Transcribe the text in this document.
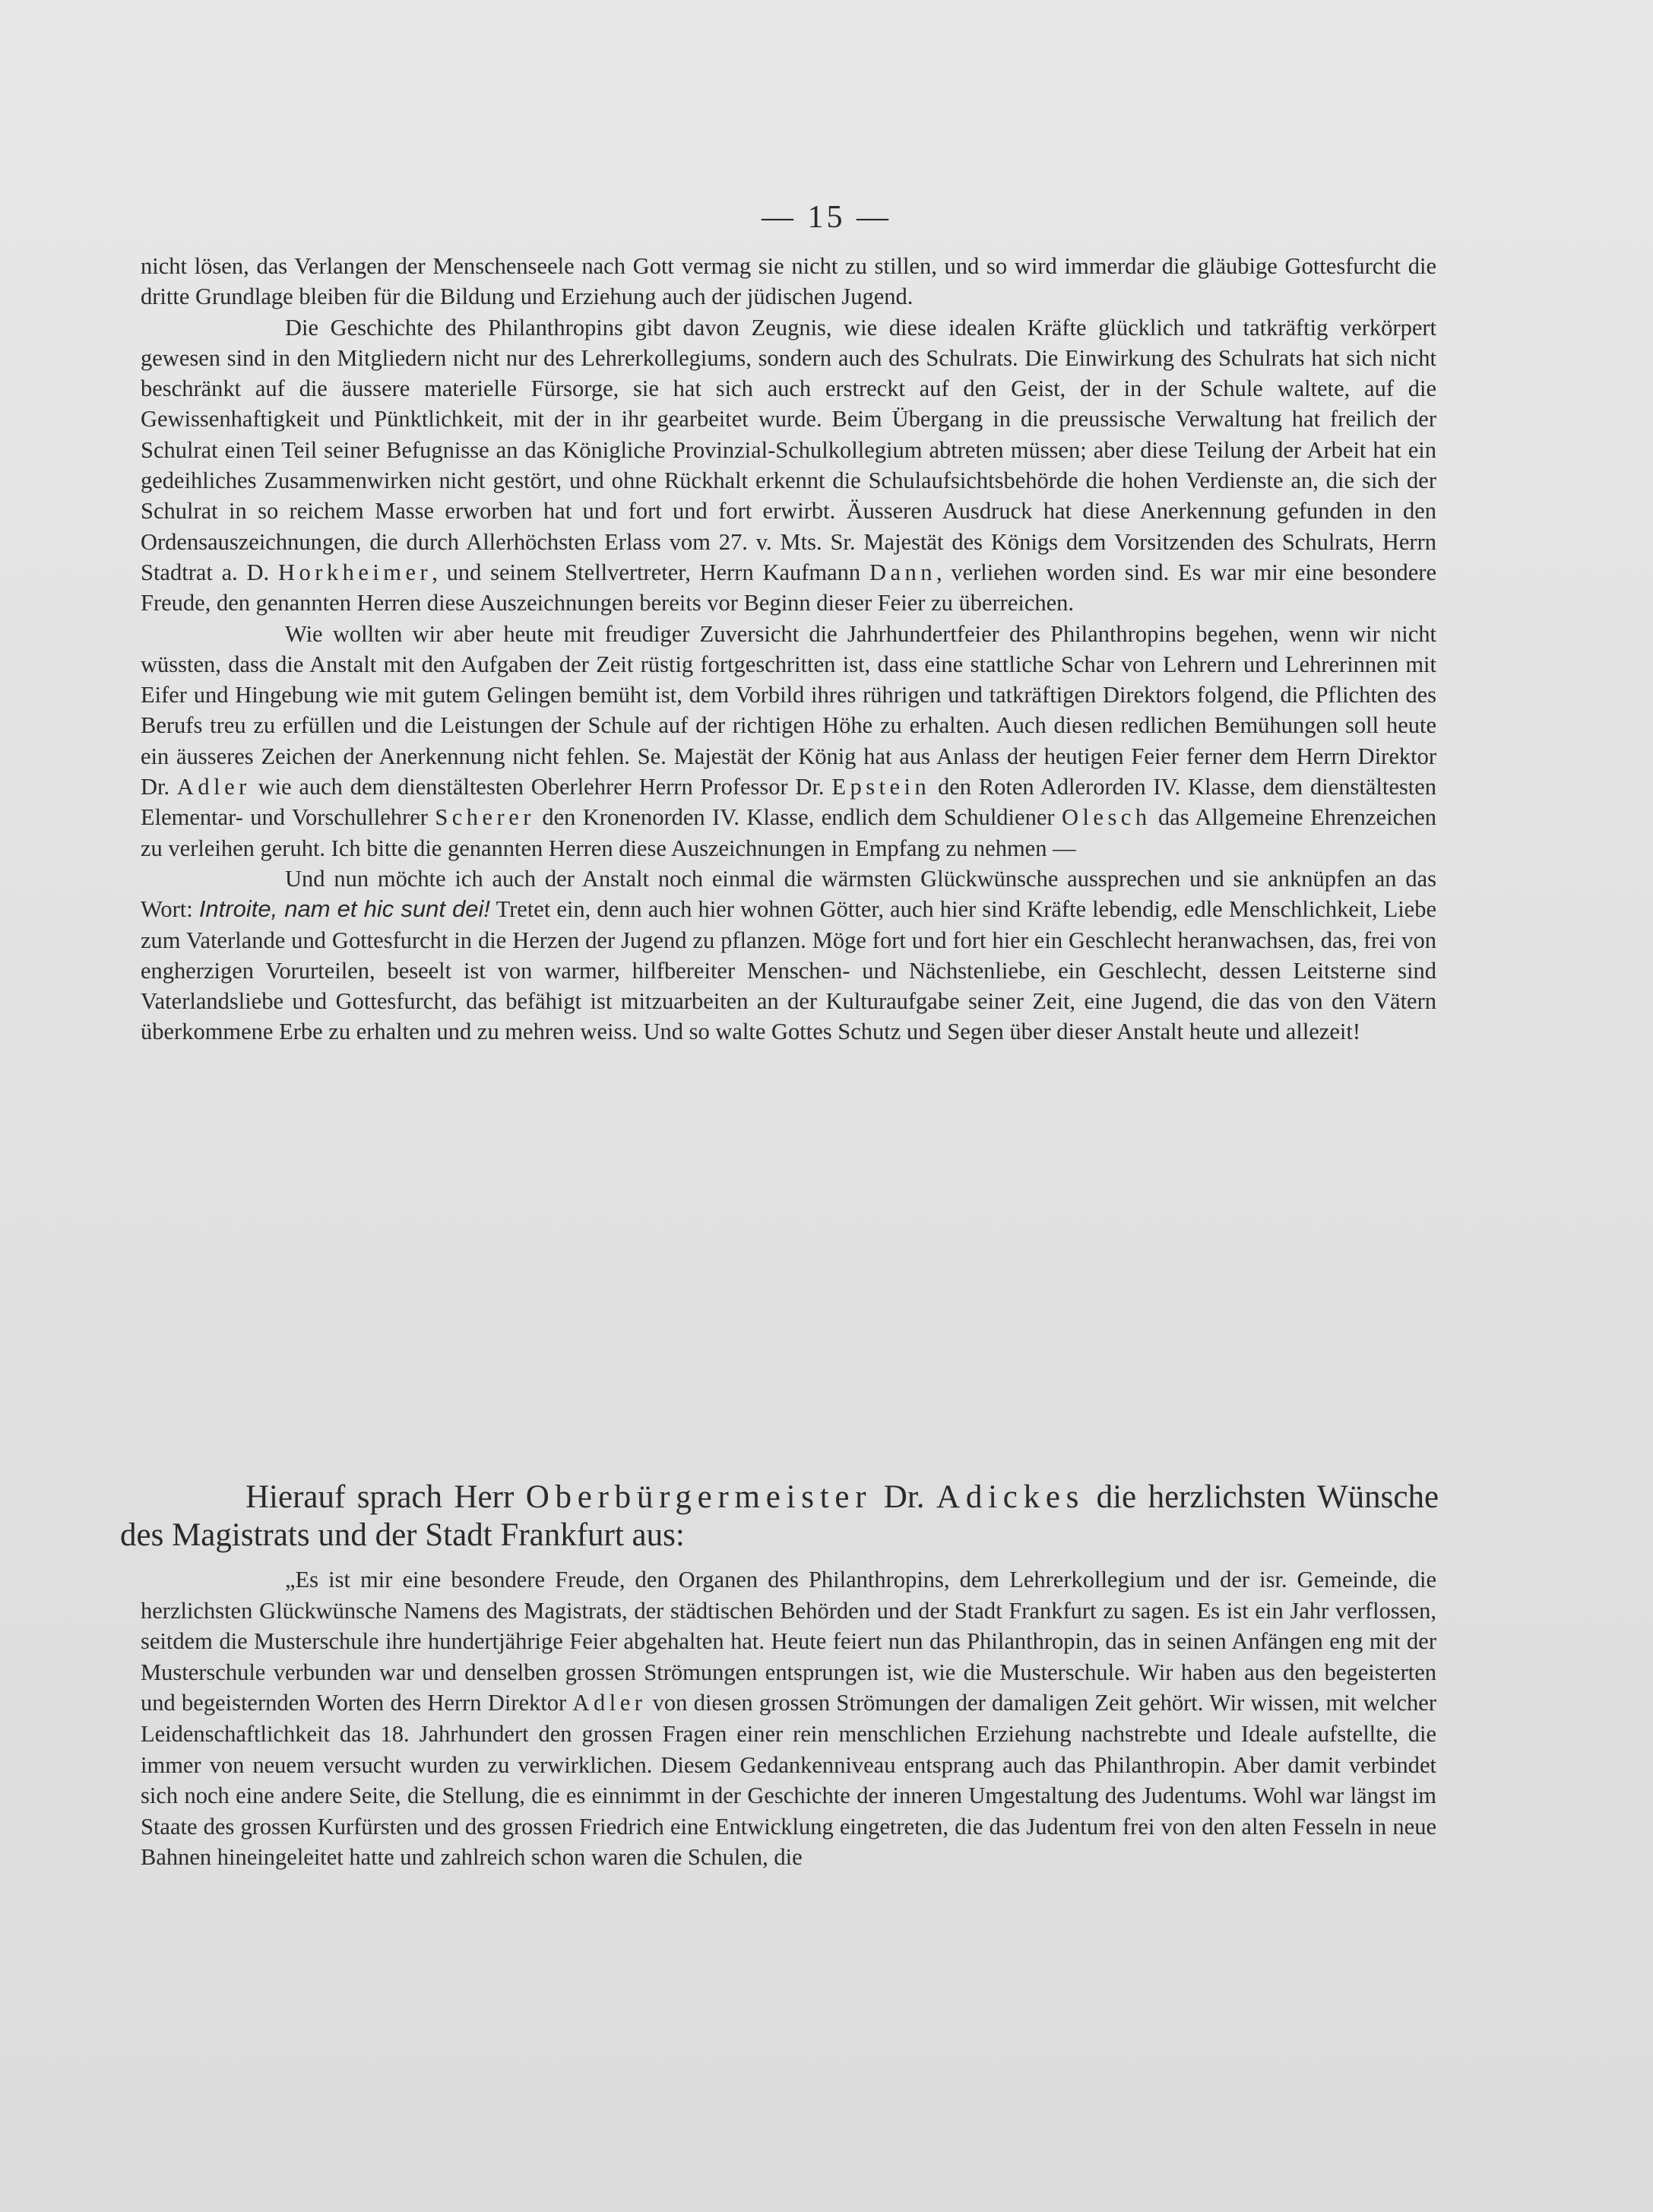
— 15 —

nicht lösen, das Verlangen der Menschenseele nach Gott vermag sie nicht zu stillen, und so wird immerdar die gläubige Gottesfurcht die dritte Grundlage bleiben für die Bildung und Erziehung auch der jüdischen Jugend.

Die Geschichte des Philanthropins gibt davon Zeugnis, wie diese idealen Kräfte glücklich und tatkräftig verkörpert gewesen sind in den Mitgliedern nicht nur des Lehrerkollegiums, sondern auch des Schulrats. Die Einwirkung des Schulrats hat sich nicht beschränkt auf die äussere materielle Fürsorge, sie hat sich auch erstreckt auf den Geist, der in der Schule waltete, auf die Gewissenhaftigkeit und Pünktlichkeit, mit der in ihr gearbeitet wurde. Beim Übergang in die preussische Verwaltung hat freilich der Schulrat einen Teil seiner Befugnisse an das Königliche Provinzial-Schulkollegium abtreten müssen; aber diese Teilung der Arbeit hat ein gedeihliches Zusammenwirken nicht gestört, und ohne Rückhalt erkennt die Schulaufsichtsbehörde die hohen Verdienste an, die sich der Schulrat in so reichem Masse erworben hat und fort und fort erwirbt. Äusseren Ausdruck hat diese Anerkennung gefunden in den Ordensauszeichnungen, die durch Allerhöchsten Erlass vom 27. v. Mts. Sr. Majestät des Königs dem Vorsitzenden des Schulrats, Herrn Stadtrat a. D. Horkheimer, und seinem Stellvertreter, Herrn Kaufmann Dann, verliehen worden sind. Es war mir eine besondere Freude, den genannten Herren diese Auszeichnungen bereits vor Beginn dieser Feier zu überreichen.

Wie wollten wir aber heute mit freudiger Zuversicht die Jahrhundertfeier des Philanthropins begehen, wenn wir nicht wüssten, dass die Anstalt mit den Aufgaben der Zeit rüstig fortgeschritten ist, dass eine stattliche Schar von Lehrern und Lehrerinnen mit Eifer und Hingebung wie mit gutem Gelingen bemüht ist, dem Vorbild ihres rührigen und tatkräftigen Direktors folgend, die Pflichten des Berufs treu zu erfüllen und die Leistungen der Schule auf der richtigen Höhe zu erhalten. Auch diesen redlichen Bemühungen soll heute ein äusseres Zeichen der Anerkennung nicht fehlen. Se. Majestät der König hat aus Anlass der heutigen Feier ferner dem Herrn Direktor Dr. Adler wie auch dem dienstältesten Oberlehrer Herrn Professor Dr. Epstein den Roten Adlerorden IV. Klasse, dem dienstältesten Elementar- und Vorschullehrer Scherer den Kronenorden IV. Klasse, endlich dem Schuldiener Olesch das Allgemeine Ehrenzeichen zu verleihen geruht. Ich bitte die genannten Herren diese Auszeichnungen in Empfang zu nehmen —

Und nun möchte ich auch der Anstalt noch einmal die wärmsten Glückwünsche aussprechen und sie anknüpfen an das Wort: Introite, nam et hic sunt dei! Tretet ein, denn auch hier wohnen Götter, auch hier sind Kräfte lebendig, edle Menschlichkeit, Liebe zum Vaterlande und Gottesfurcht in die Herzen der Jugend zu pflanzen. Möge fort und fort hier ein Geschlecht heranwachsen, das, frei von engherzigen Vorurteilen, beseelt ist von warmer, hilfbereiter Menschen- und Nächstenliebe, ein Geschlecht, dessen Leitsterne sind Vaterlandsliebe und Gottesfurcht, das befähigt ist mitzuarbeiten an der Kulturaufgabe seiner Zeit, eine Jugend, die das von den Vätern überkommene Erbe zu erhalten und zu mehren weiss. Und so walte Gottes Schutz und Segen über dieser Anstalt heute und allezeit!

Hierauf sprach Herr Oberbürgermeister Dr. Adickes die herzlichsten Wünsche des Magistrats und der Stadt Frankfurt aus:

„Es ist mir eine besondere Freude, den Organen des Philanthropins, dem Lehrerkollegium und der isr. Gemeinde, die herzlichsten Glückwünsche Namens des Magistrats, der städtischen Behörden und der Stadt Frankfurt zu sagen. Es ist ein Jahr verflossen, seitdem die Musterschule ihre hundertjährige Feier abgehalten hat. Heute feiert nun das Philanthropin, das in seinen Anfängen eng mit der Musterschule verbunden war und denselben grossen Strömungen entsprungen ist, wie die Musterschule. Wir haben aus den begeisterten und begeisternden Worten des Herrn Direktor Adler von diesen grossen Strömungen der damaligen Zeit gehört. Wir wissen, mit welcher Leidenschaftlichkeit das 18. Jahrhundert den grossen Fragen einer rein menschlichen Erziehung nachstrebte und Ideale aufstellte, die immer von neuem versucht wurden zu verwirklichen. Diesem Gedankenniveau entsprang auch das Philanthropin. Aber damit verbindet sich noch eine andere Seite, die Stellung, die es einnimmt in der Geschichte der inneren Umgestaltung des Judentums. Wohl war längst im Staate des grossen Kurfürsten und des grossen Friedrich eine Entwicklung eingetreten, die das Judentum frei von den alten Fesseln in neue Bahnen hineingeleitet hatte und zahlreich schon waren die Schulen, die
